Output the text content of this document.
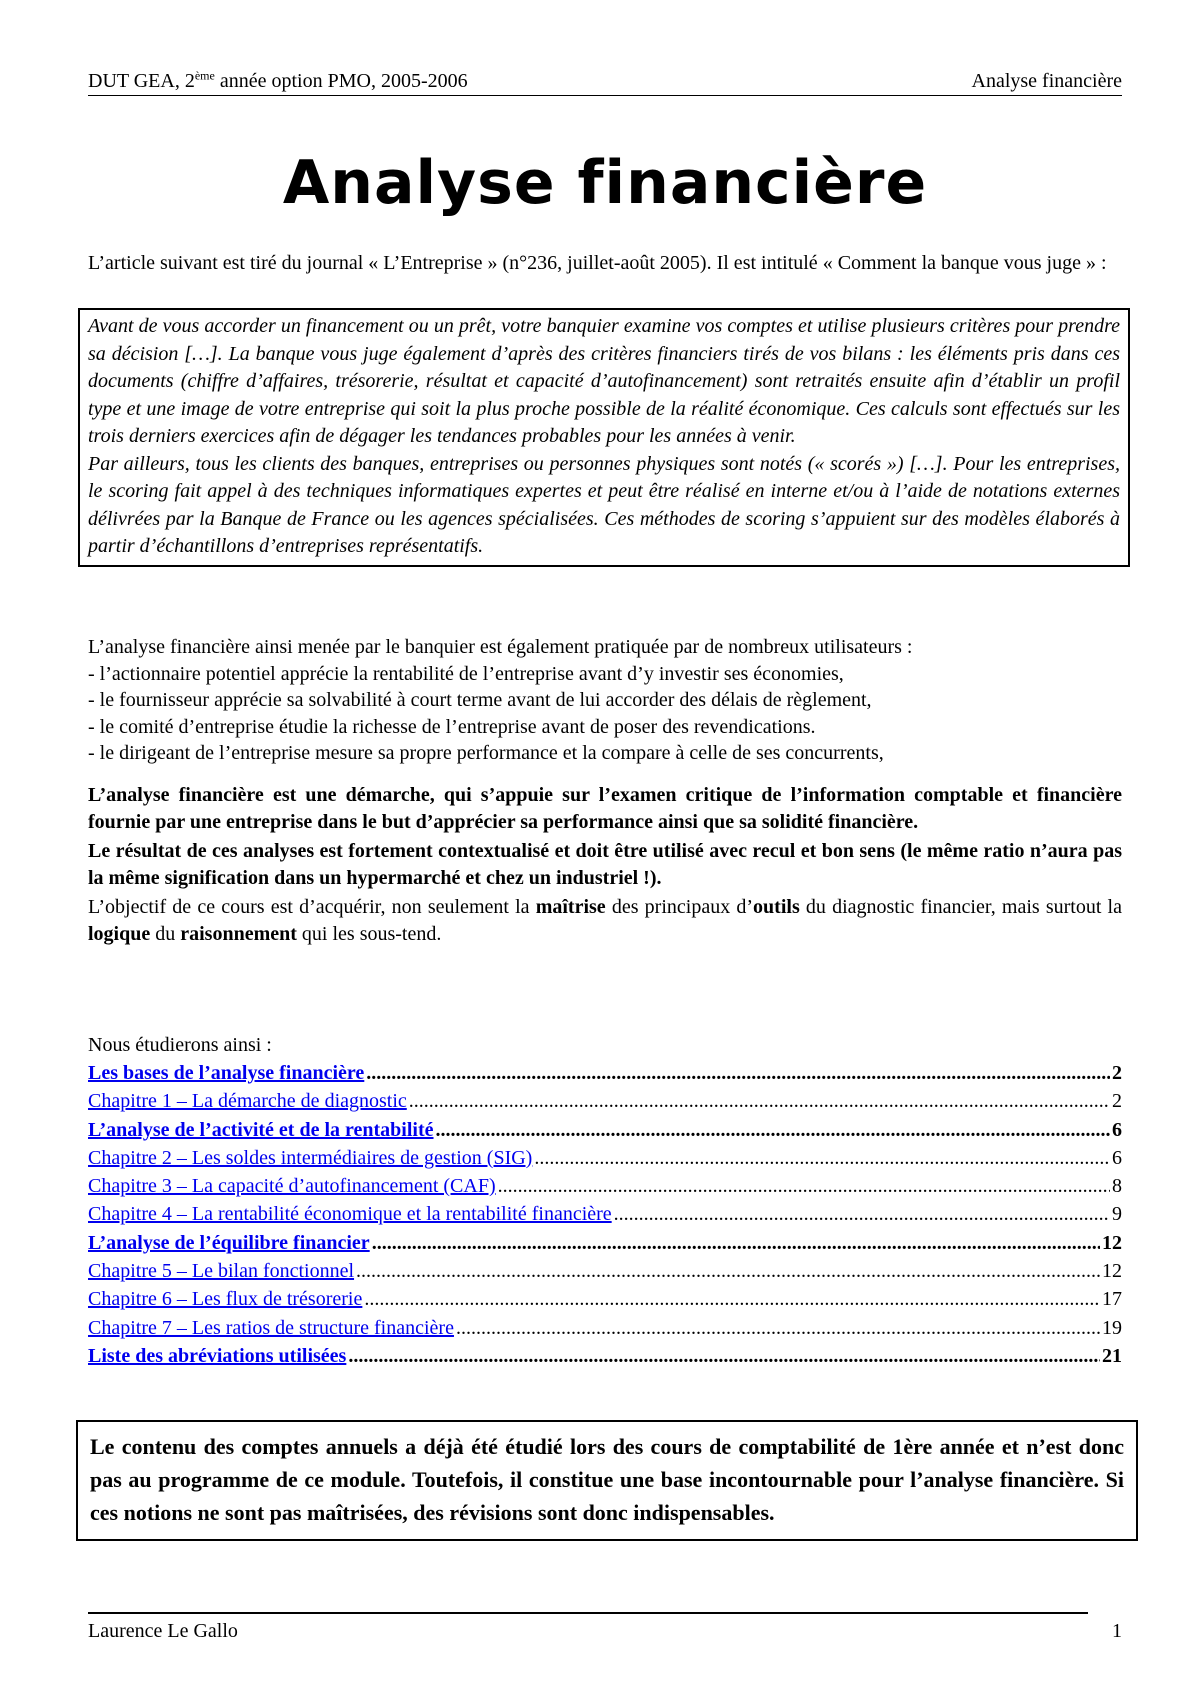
DUT GEA, 2ème année option PMO, 2005-2006	Analyse financière
Analyse financière
L’article suivant est tiré du journal « L’Entreprise » (n°236, juillet-août 2005). Il est intitulé « Comment la banque vous juge » :

Avant de vous accorder un financement ou un prêt, votre banquier examine vos comptes et utilise plusieurs critères pour prendre sa décision […]. La banque vous juge également d’après des critères financiers tirés de vos bilans : les éléments pris dans ces documents (chiffre d’affaires, trésorerie, résultat et capacité d’autofinancement) sont retraités ensuite afin d’établir un profil type et une image de votre entreprise qui soit la plus proche possible de la réalité économique. Ces calculs sont effectués sur les trois derniers exercices afin de dégager les tendances probables pour les années à venir.

Par ailleurs, tous les clients des banques, entreprises ou personnes physiques sont notés (« scorés ») […]. Pour les entreprises, le scoring fait appel à des techniques informatiques expertes et peut être réalisé en interne et/ou à l’aide de notations externes délivrées par la Banque de France ou les agences spécialisées. Ces méthodes de scoring s’appuient sur des modèles élaborés à partir d’échantillons d’entreprises représentatifs.

L’analyse financière ainsi menée par le banquier est également pratiquée par de nombreux utilisateurs :

- l’actionnaire potentiel apprécie la rentabilité de l’entreprise avant d’y investir ses économies,

- le fournisseur apprécie sa solvabilité à court terme avant de lui accorder des délais de règlement,

- le comité d’entreprise étudie la richesse de l’entreprise avant de poser des revendications.

- le dirigeant de l’entreprise mesure sa propre performance et la compare à celle de ses concurrents,

L’analyse financière est une démarche, qui s’appuie sur l’examen critique de l’information comptable et financière fournie par une entreprise dans le but d’apprécier sa performance ainsi que sa solidité financière.

Le résultat de ces analyses est fortement contextualisé et doit être utilisé avec recul et bon sens (le même ratio n’aura pas la même signification dans un hypermarché et chez un industriel !).

L’objectif de ce cours est d’acquérir, non seulement la maîtrise des principaux d’outils du diagnostic financier, mais surtout la logique du raisonnement qui les sous-tend.

Nous étudierons ainsi :
Les bases de l’analyse financière .....	2
Chapitre 1 – La démarche de diagnostic .....	2
L’analyse de l’activité et de la rentabilité .....	6
Chapitre 2 – Les soldes intermédiaires de gestion (SIG) .....	6
Chapitre 3 – La capacité d’autofinancement (CAF) .....	8
Chapitre 4 – La rentabilité économique et la rentabilité financière .....	9
L’analyse de l’équilibre financier .....	12
Chapitre 5 – Le bilan fonctionnel .....	12
Chapitre 6 – Les flux de trésorerie .....	17
Chapitre 7 – Les ratios de structure financière .....	19
Liste des abréviations utilisées .....	21
Le contenu des comptes annuels a déjà été étudié lors des cours de comptabilité de 1ère année et n’est donc pas au programme de ce module. Toutefois, il constitue une base incontournable pour l’analyse financière. Si ces notions ne sont pas maîtrisées, des révisions sont donc indispensables.
Laurence Le Gallo	1
